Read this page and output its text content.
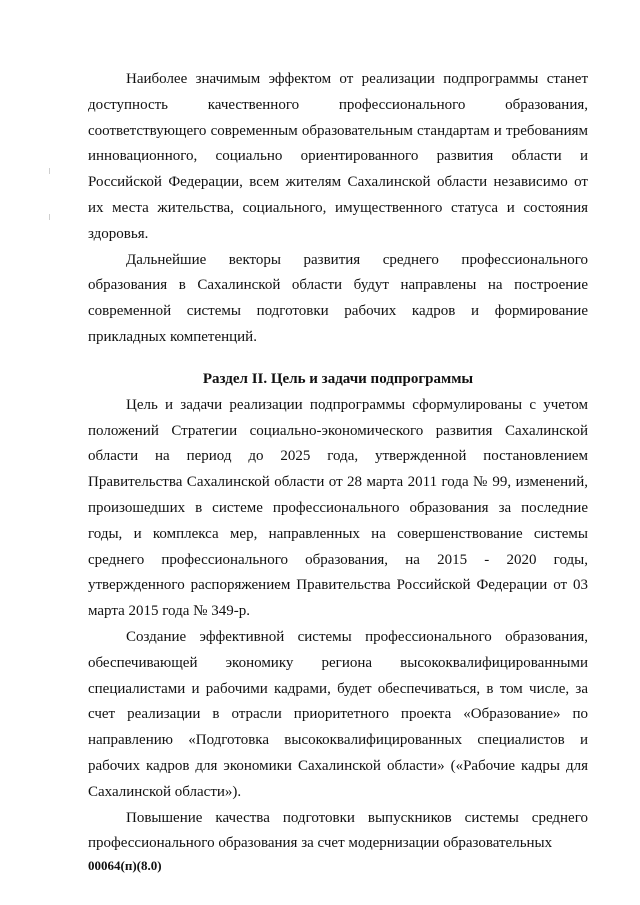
Наиболее значимым эффектом от реализации подпрограммы станет доступность качественного профессионального образования, соответствующего современным образовательным стандартам и требованиям инновационного, социально ориентированного развития области и Российской Федерации, всем жителям Сахалинской области независимо от их места жительства, социального, имущественного статуса и состояния здоровья.

Дальнейшие векторы развития среднего профессионального образования в Сахалинской области будут направлены на построение современной системы подготовки рабочих кадров и формирование прикладных компетенций.

Раздел II. Цель и задачи подпрограммы

Цель и задачи реализации подпрограммы сформулированы с учетом положений Стратегии социально-экономического развития Сахалинской области на период до 2025 года, утвержденной постановлением Правительства Сахалинской области от 28 марта 2011 года № 99, изменений, произошедших в системе профессионального образования за последние годы, и комплекса мер, направленных на совершенствование системы среднего профессионального образования, на 2015 - 2020 годы, утвержденного распоряжением Правительства Российской Федерации от 03 марта 2015 года № 349-р.

Создание эффективной системы профессионального образования, обеспечивающей экономику региона высококвалифицированными специалистами и рабочими кадрами, будет обеспечиваться, в том числе, за счет реализации в отрасли приоритетного проекта «Образование» по направлению «Подготовка высококвалифицированных специалистов и рабочих кадров для экономики Сахалинской области» («Рабочие кадры для Сахалинской области»).

Повышение качества подготовки выпускников системы среднего профессионального образования за счет модернизации образовательных

00064(п)(8.0)
